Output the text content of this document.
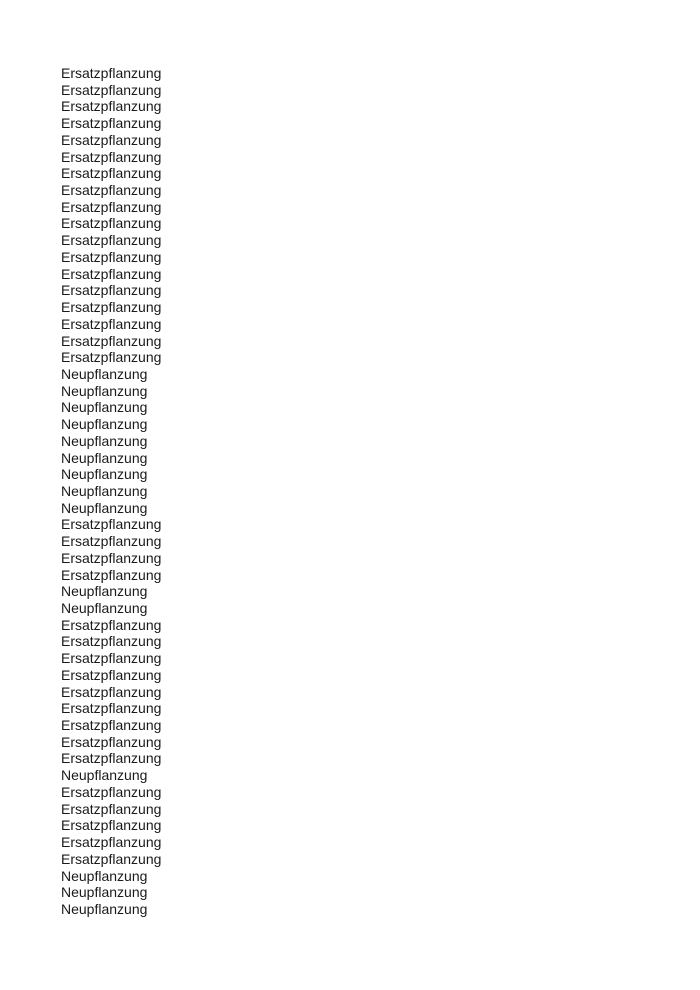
Ersatzpflanzung
Ersatzpflanzung
Ersatzpflanzung
Ersatzpflanzung
Ersatzpflanzung
Ersatzpflanzung
Ersatzpflanzung
Ersatzpflanzung
Ersatzpflanzung
Ersatzpflanzung
Ersatzpflanzung
Ersatzpflanzung
Ersatzpflanzung
Ersatzpflanzung
Ersatzpflanzung
Ersatzpflanzung
Ersatzpflanzung
Ersatzpflanzung
Neupflanzung
Neupflanzung
Neupflanzung
Neupflanzung
Neupflanzung
Neupflanzung
Neupflanzung
Neupflanzung
Neupflanzung
Ersatzpflanzung
Ersatzpflanzung
Ersatzpflanzung
Ersatzpflanzung
Neupflanzung
Neupflanzung
Ersatzpflanzung
Ersatzpflanzung
Ersatzpflanzung
Ersatzpflanzung
Ersatzpflanzung
Ersatzpflanzung
Ersatzpflanzung
Ersatzpflanzung
Ersatzpflanzung
Neupflanzung
Ersatzpflanzung
Ersatzpflanzung
Ersatzpflanzung
Ersatzpflanzung
Ersatzpflanzung
Neupflanzung
Neupflanzung
Neupflanzung
